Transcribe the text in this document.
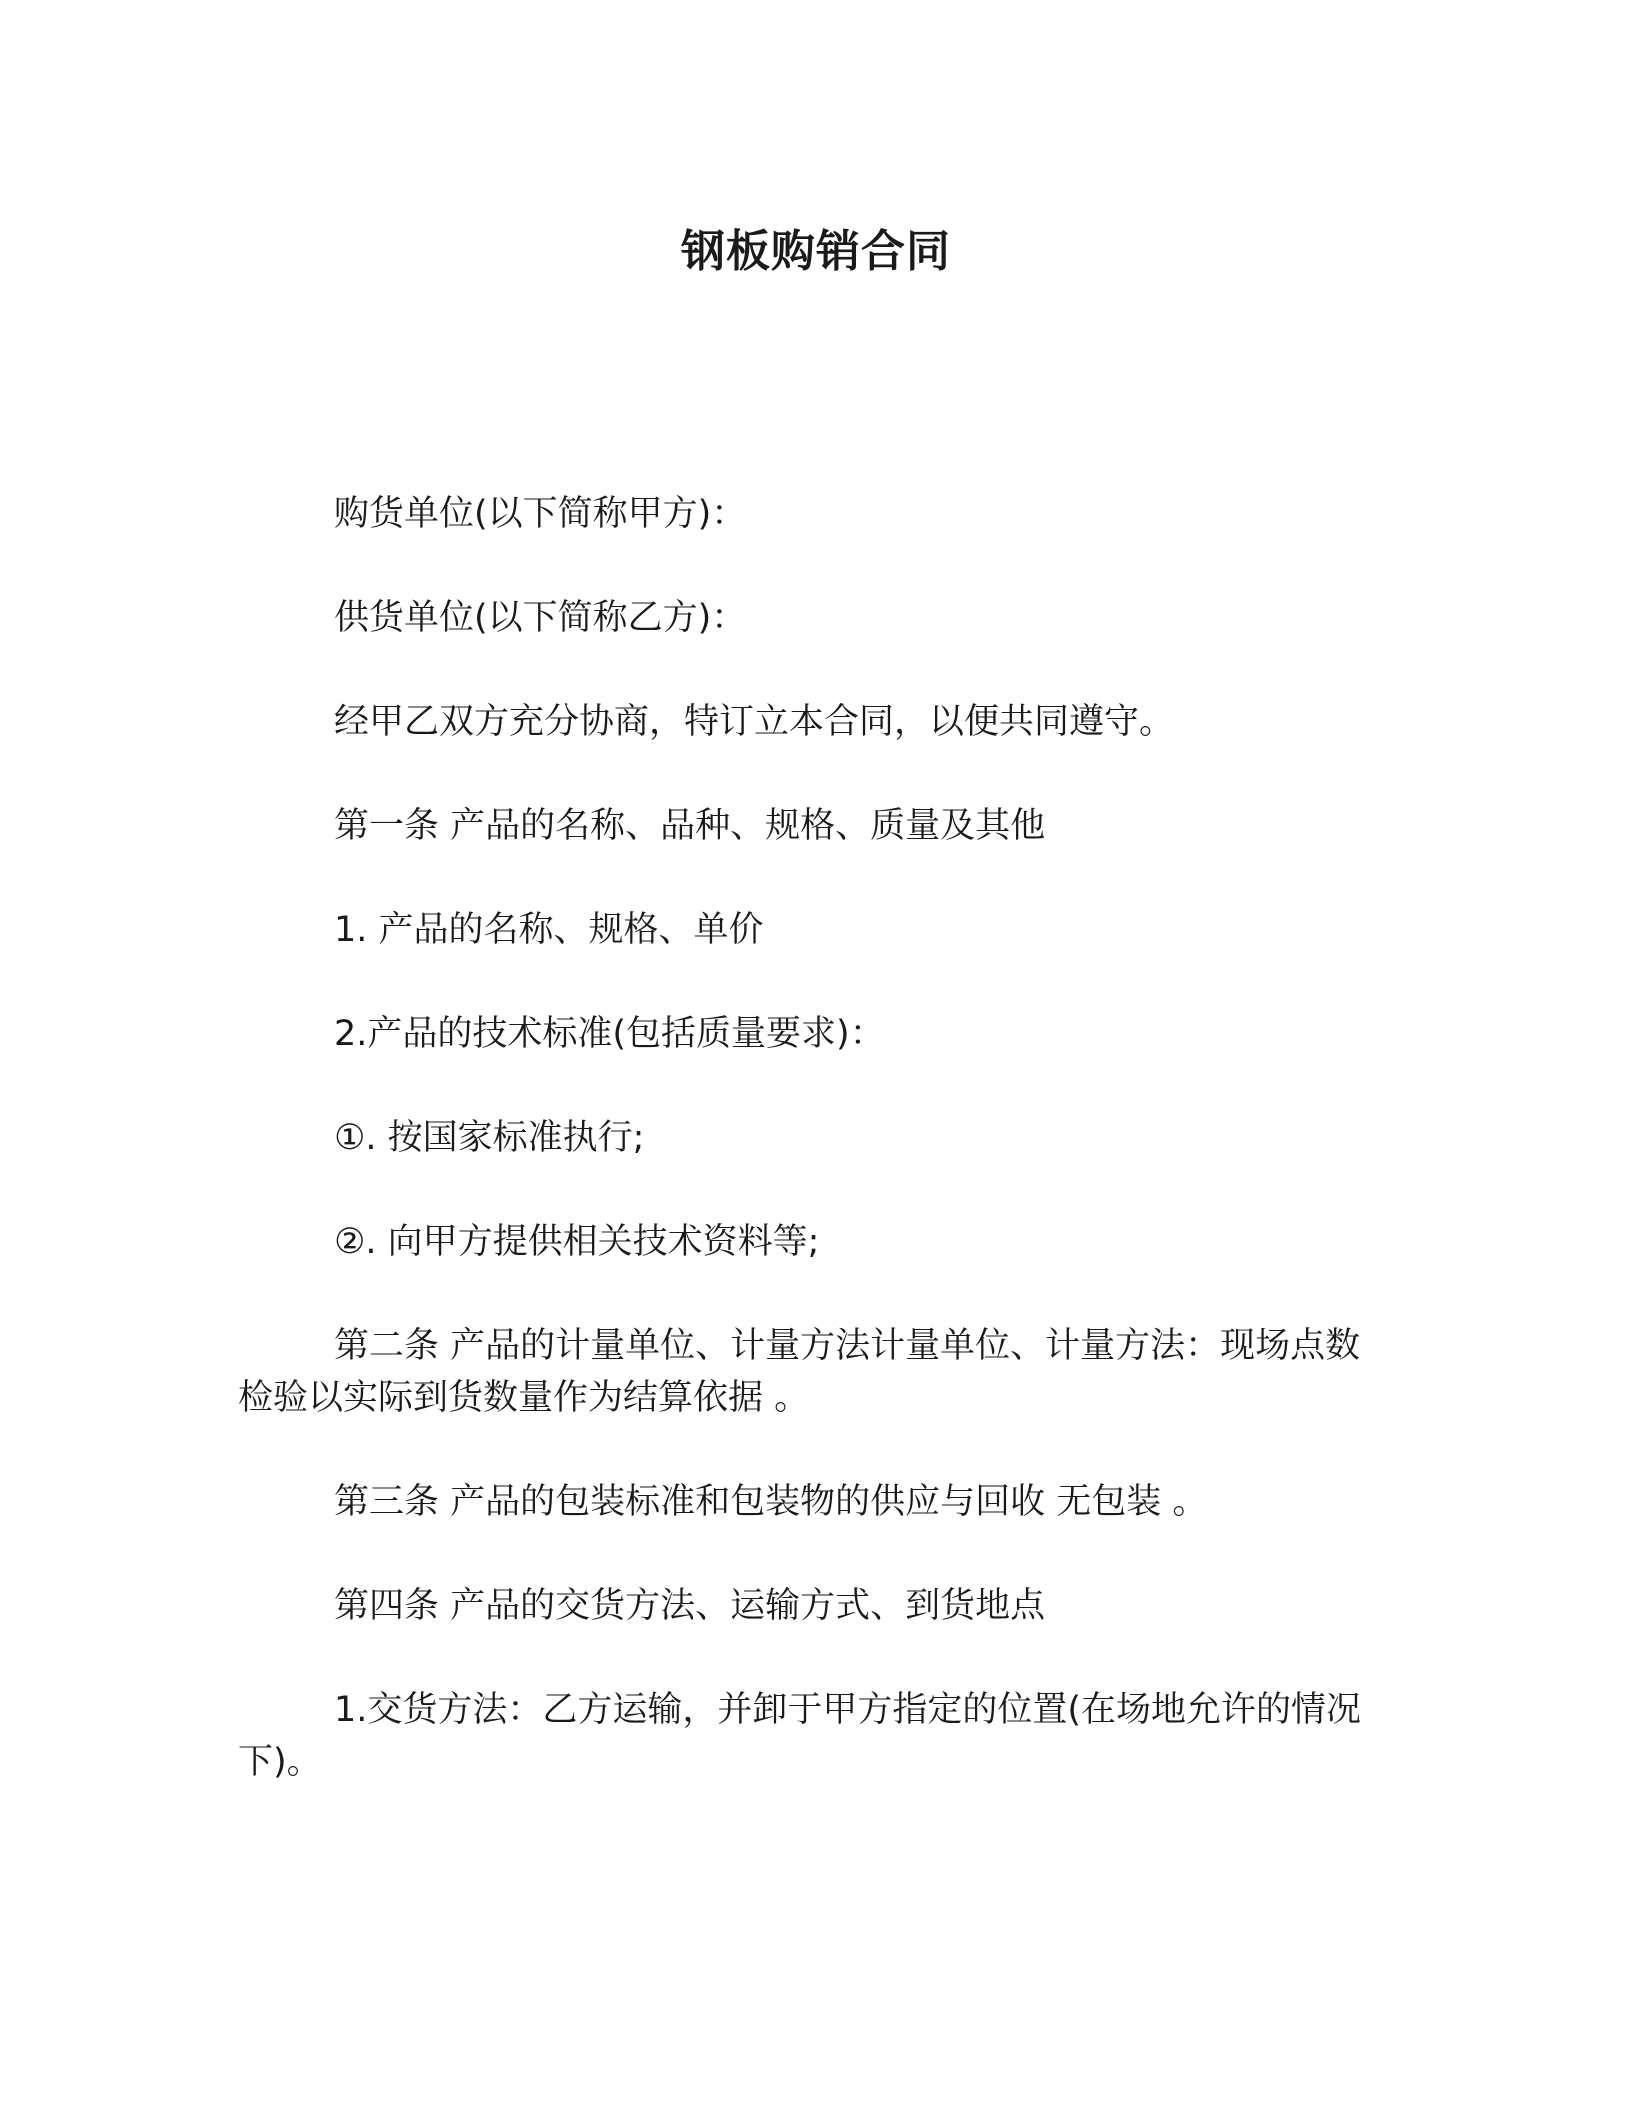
钢板购销合同

购货单位(以下简称甲方)：

供货单位(以下简称乙方)：

经甲乙双方充分协商，特订立本合同，以便共同遵守。

第一条 产品的名称、品种、规格、质量及其他

1. 产品的名称、规格、单价

2.产品的技术标准(包括质量要求)：

①. 按国家标准执行;

②. 向甲方提供相关技术资料等;

第二条 产品的计量单位、计量方法计量单位、计量方法：现场点数检验以实际到货数量作为结算依据 。

第三条 产品的包装标准和包装物的供应与回收 无包装 。

第四条 产品的交货方法、运输方式、到货地点

1.交货方法：乙方运输，并卸于甲方指定的位置(在场地允许的情况下)。
